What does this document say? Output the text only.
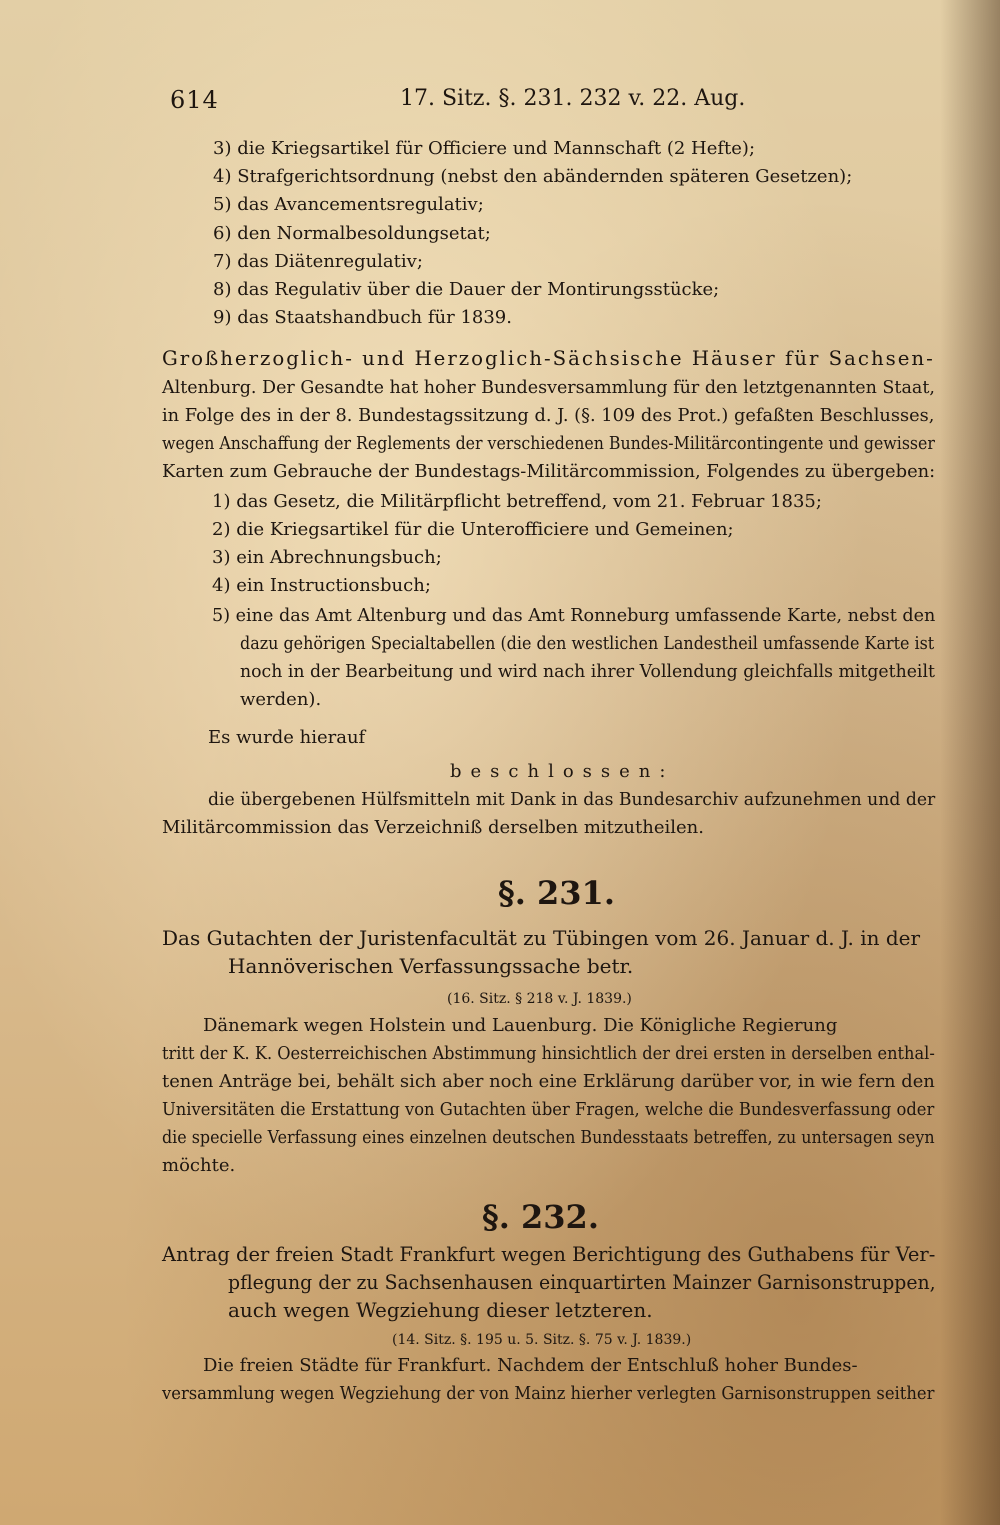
614	17. Sitz. §. 231. 232 v. 22. Aug.
3) die Kriegsartikel für Officiere und Mannschaft (2 Hefte);
4) Strafgerichtsordnung (nebst den abändernden späteren Gesetzen);
5) das Avancementsregulativ;
6) den Normalbesoldungsetat;
7) das Diätenregulativ;
8) das Regulativ über die Dauer der Montirungsstücke;
9) das Staatshandbuch für 1839.
Großherzoglich- und Herzoglich-Sächsische Häuser für Sachsen-
Altenburg. Der Gesandte hat hoher Bundesversammlung für den letztgenannten Staat,
in Folge des in der 8. Bundestagssitzung d. J. (§. 109 des Prot.) gefaßten Beschlusses,
wegen Anschaffung der Reglements der verschiedenen Bundes-Militärcontingente und gewisser
Karten zum Gebrauche der Bundestags-Militärcommission, Folgendes zu übergeben:
1) das Gesetz, die Militärpflicht betreffend, vom 21. Februar 1835;
2) die Kriegsartikel für die Unterofficiere und Gemeinen;
3) ein Abrechnungsbuch;
4) ein Instructionsbuch;
5) eine das Amt Altenburg und das Amt Ronneburg umfassende Karte, nebst den
dazu gehörigen Specialtabellen (die den westlichen Landestheil umfassende Karte ist
noch in der Bearbeitung und wird nach ihrer Vollendung gleichfalls mitgetheilt
werden).
Es wurde hierauf
beschlossen:
die übergebenen Hülfsmitteln mit Dank in das Bundesarchiv aufzunehmen und der
Militärcommission das Verzeichniß derselben mitzutheilen.
§. 231.
Das Gutachten der Juristenfacultät zu Tübingen vom 26. Januar d. J. in der
Hannöverischen Verfassungssache betr.
(16. Sitz. § 218 v. J. 1839.)
Dänemark wegen Holstein und Lauenburg. Die Königliche Regierung
tritt der K. K. Oesterreichischen Abstimmung hinsichtlich der drei ersten in derselben enthal-
tenen Anträge bei, behält sich aber noch eine Erklärung darüber vor, in wie fern den
Universitäten die Erstattung von Gutachten über Fragen, welche die Bundesverfassung oder
die specielle Verfassung eines einzelnen deutschen Bundesstaats betreffen, zu untersagen seyn
möchte.
§. 232.
Antrag der freien Stadt Frankfurt wegen Berichtigung des Guthabens für Ver-
pflegung der zu Sachsenhausen einquartirten Mainzer Garnisonstruppen,
auch wegen Wegziehung dieser letzteren.
(14. Sitz. §. 195 u. 5. Sitz. §. 75 v. J. 1839.)
Die freien Städte für Frankfurt. Nachdem der Entschluß hoher Bundes-
versammlung wegen Wegziehung der von Mainz hierher verlegten Garnisonstruppen seither
